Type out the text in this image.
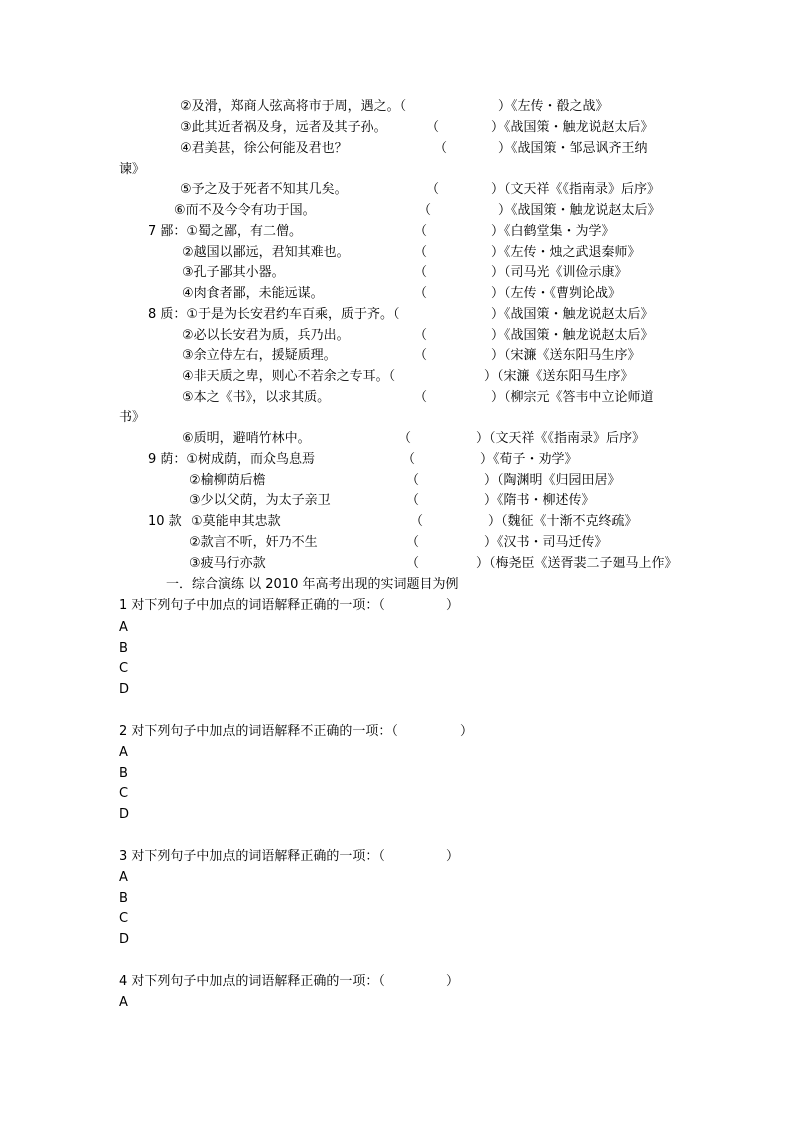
②及滑，郑商人弦高将市于周，遇之。（	）《左传・殽之战》
③此其近者祸及身，远者及其子孙。	（	）《战国策・触龙说赵太后》
④君美甚，徐公何能及君也？	（	）《战国策・邹忌讽齐王纳
谏》
⑤予之及于死者不知其几矣。	（	）（文天祥《《指南录》后序》
⑥而不及今令有功于国。	（	）《战国策・触龙说赵太后》
7 鄙：①蜀之鄙，有二僧。	（	）《白鹤堂集・为学》
②越国以鄙远，君知其难也。	（	）《左传・烛之武退秦师》
③孔子鄙其小器。	（	）（司马光《训俭示康》
④肉食者鄙，未能远谋。	（	）（左传・《曹刿论战》
8 质：①于是为长安君约车百乘，质于齐。（	）《战国策・触龙说赵太后》
②必以长安君为质，兵乃出。	（	）《战国策・触龙说赵太后》
③余立侍左右，援疑质理。	（	）（宋濂《送东阳马生序》
④非天质之卑，则心不若余之专耳。（	）（宋濂《送东阳马生序》
⑤本之《书》，以求其质。	（	）（柳宗元《答韦中立论师道
书》
⑥质明，避哨竹林中。	（	）（文天祥《《指南录》后序》
9 荫：①树成荫，而众鸟息焉	（	）《荀子・劝学》
②榆柳荫后檐	（	）（陶渊明《归园田居》
③少以父荫，为太子亲卫	（	）《隋书・柳述传》
10 款 ①莫能申其忠款	（	）（魏征《十渐不克终疏》
②款言不听，奸乃不生	（	）《汉书・司马迁传》
③疲马行亦款	（	）（梅尧臣《送胥裴二子廻马上作》
一．综合演练 以 2010 年高考出现的实词题目为例
1 对下列句子中加点的词语解释正确的一项：（	）
A
B
C
D
2 对下列句子中加点的词语解释不正确的一项：（	）
A
B
C
D
3 对下列句子中加点的词语解释正确的一项：（	）
A
B
C
D
4 对下列句子中加点的词语解释正确的一项：（	）
A
